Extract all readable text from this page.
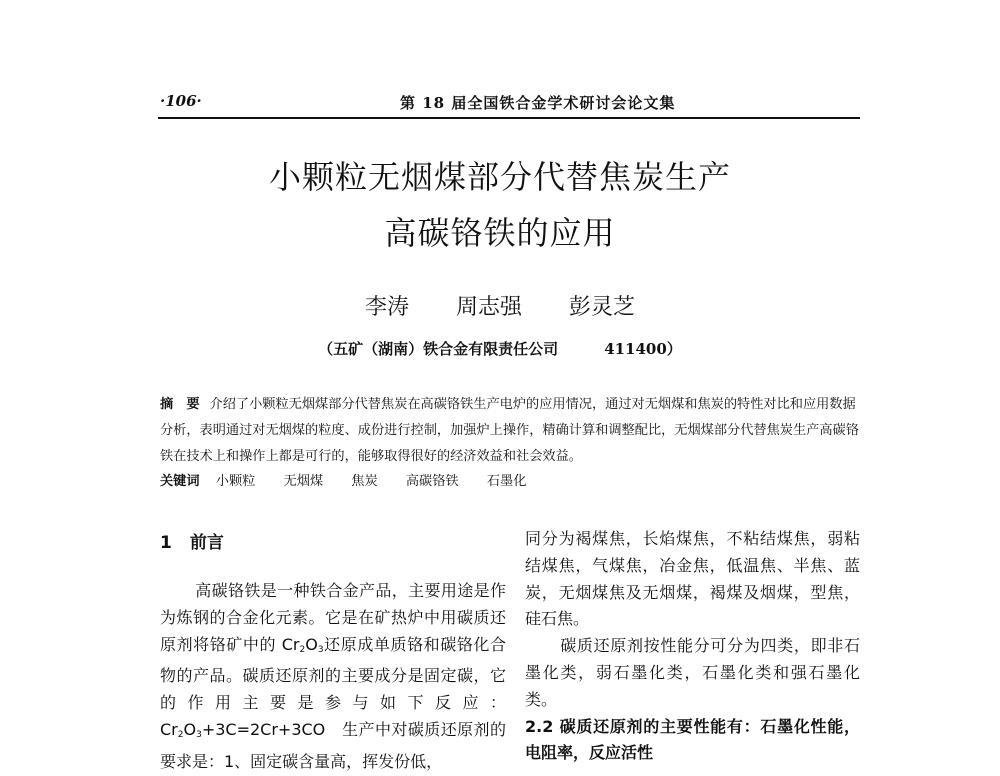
·106·	第 18 届全国铁合金学术研讨会论文集
小颗粒无烟煤部分代替焦炭生产
高碳铬铁的应用
李涛 周志强 彭灵芝
（五矿（湖南）铁合金有限责任公司	411400）
摘　要 介绍了小颗粒无烟煤部分代替焦炭在高碳铬铁生产电炉的应用情况，通过对无烟煤和焦炭的特性对比和应用数据分析，表明通过对无烟煤的粒度、成份进行控制，加强炉上操作，精确计算和调整配比，无烟煤部分代替焦炭生产高碳铬铁在技术上和操作上都是可行的，能够取得很好的经济效益和社会效益。
关键词 小颗粒 无烟煤 焦炭 高碳铬铁 石墨化
1 前言

高碳铬铁是一种铁合金产品，主要用途是作为炼钢的合金化元素。它是在矿热炉中用碳质还原剂将铬矿中的 $Cr_2O_3$还原成单质铬和碳铬化合物的产品。碳质还原剂的主要成分是固定碳，它的作用主要是参与如下反应：$Cr_2O_3+3C=2Cr+3CO$　生产中对碳质还原剂的要求是：1、固定碳含量高，挥发份低，

同分为褐煤焦，长焰煤焦，不粘结煤焦，弱粘结煤焦，气煤焦，冶金焦，低温焦、半焦、蓝炭，无烟煤焦及无烟煤，褐煤及烟煤，型焦，硅石焦。

碳质还原剂按性能分可分为四类，即非石墨化类，弱石墨化类，石墨化类和强石墨化类。

2.2 碳质还原剂的主要性能有：石墨化性能，电阻率，反应活性
